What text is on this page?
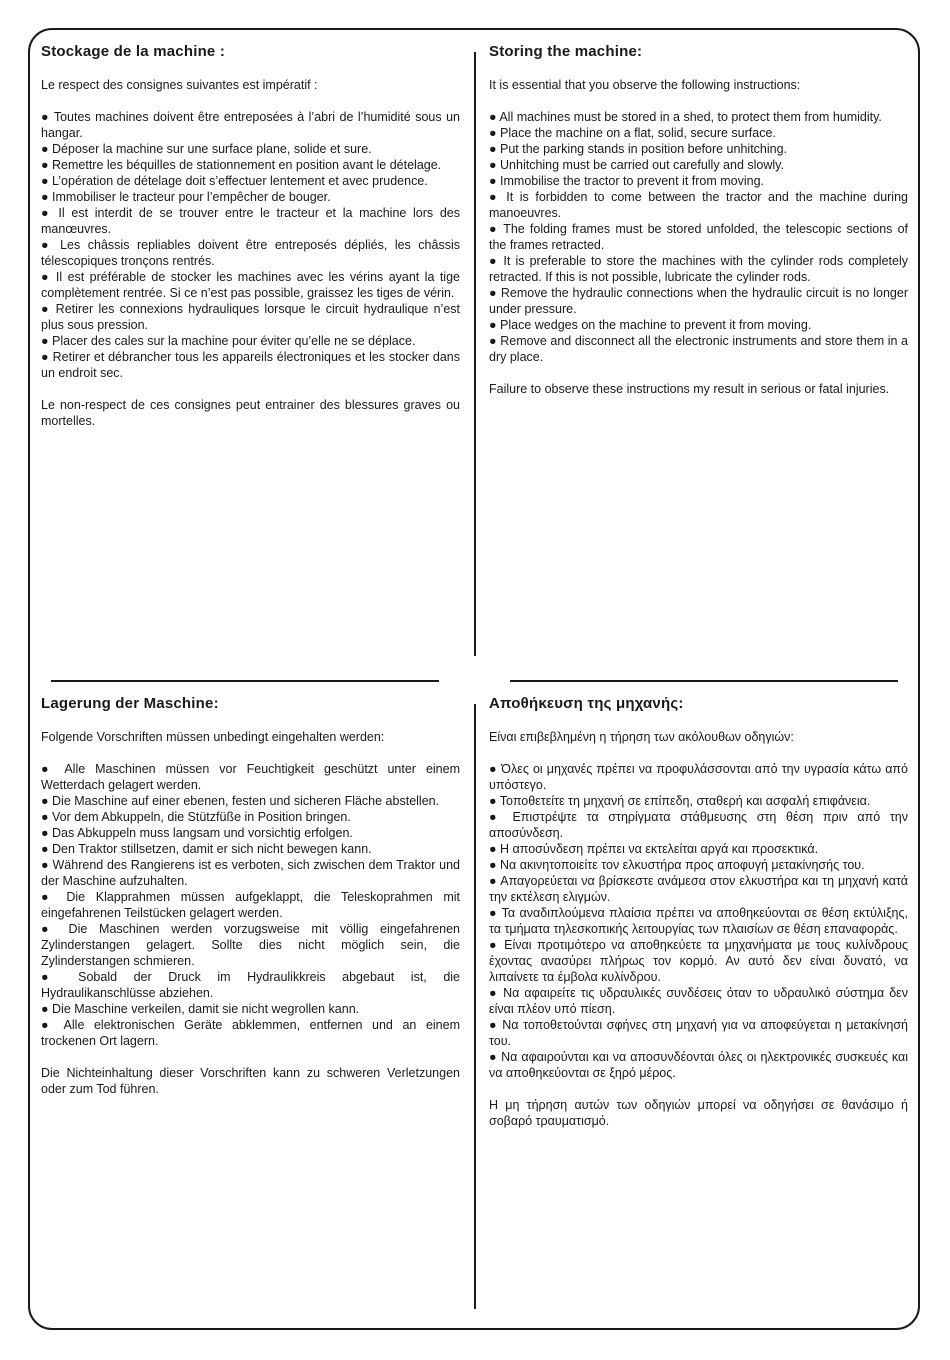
Stockage de la machine :

Le respect des consignes suivantes est impératif :

● Toutes machines doivent être entreposées à l’abri de l’humidité sous un hangar.
● Déposer la machine sur une surface plane, solide et sure.
● Remettre les béquilles de stationnement en position avant le dételage.
● L’opération de dételage doit s’effectuer lentement et avec prudence.
● Immobiliser le tracteur pour l’empêcher de bouger.
● Il est interdit de se trouver entre le tracteur et la machine lors des manœuvres.
● Les châssis repliables doivent être entreposés dépliés, les châssis télescopiques tronçons rentrés.
● Il est préférable de stocker les machines avec les vérins ayant la tige complètement rentrée. Si ce n’est pas possible, graissez les tiges de vérin.
● Retirer les connexions hydrauliques lorsque le circuit hydraulique n’est plus sous pression.
● Placer des cales sur la machine pour éviter qu’elle ne se déplace.
● Retirer et débrancher tous les appareils électroniques et les stocker dans un endroit sec.

Le non-respect de ces consignes peut entrainer des blessures graves ou mortelles.

Storing the machine:

It is essential that you observe the following instructions:

● All machines must be stored in a shed, to protect them from humidity.
● Place the machine on a flat, solid, secure surface.
● Put the parking stands in position before unhitching.
● Unhitching must be carried out carefully and slowly.
● Immobilise the tractor to prevent it from moving.
● It is forbidden to come between the tractor and the machine during manoeuvres.
● The folding frames must be stored unfolded, the telescopic sections of the frames retracted.
● It is preferable to store the machines with the cylinder rods completely retracted. If this is not possible, lubricate the cylinder rods.
● Remove the hydraulic connections when the hydraulic circuit is no longer under pressure.
● Place wedges on the machine to prevent it from moving.
● Remove and disconnect all the electronic instruments and store them in a dry place.

Failure to observe these instructions my result in serious or fatal injuries.

Lagerung der Maschine:

Folgende Vorschriften müssen unbedingt eingehalten werden:

● Alle Maschinen müssen vor Feuchtigkeit geschützt unter einem Wetterdach gelagert werden.
● Die Maschine auf einer ebenen, festen und sicheren Fläche abstellen.
● Vor dem Abkuppeln, die Stützfüße in Position bringen.
● Das Abkuppeln muss langsam und vorsichtig erfolgen.
● Den Traktor stillsetzen, damit er sich nicht bewegen kann.
● Während des Rangierens ist es verboten, sich zwischen dem Traktor und der Maschine aufzuhalten.
● Die Klapprahmen müssen aufgeklappt, die Teleskoprahmen mit eingefahrenen Teilstücken gelagert werden.
● Die Maschinen werden vorzugsweise mit völlig eingefahrenen Zylinderstangen gelagert. Sollte dies nicht möglich sein, die Zylinderstangen schmieren.
● Sobald der Druck im Hydraulikkreis abgebaut ist, die Hydraulikanschlüsse abziehen.
● Die Maschine verkeilen, damit sie nicht wegrollen kann.
● Alle elektronischen Geräte abklemmen, entfernen und an einem trockenen Ort lagern.

Die Nichteinhaltung dieser Vorschriften kann zu schweren Verletzungen oder zum Tod führen.

Αποθήκευση της μηχανής:

Είναι επιβεβλημένη η τήρηση των ακόλουθων οδηγιών:

● Όλες οι μηχανές πρέπει να προφυλάσσονται από την υγρασία κάτω από υπόστεγο.
● Τοποθετείτε τη μηχανή σε επίπεδη, σταθερή και ασφαλή επιφάνεια.
● Επιστρέψτε τα στηρίγματα στάθμευσης στη θέση πριν από την αποσύνδεση.
● Η αποσύνδεση πρέπει να εκτελείται αργά και προσεκτικά.
● Να ακινητοποιείτε τον ελκυστήρα προς αποφυγή μετακίνησής του.
● Απαγορεύεται να βρίσκεστε ανάμεσα στον ελκυστήρα και τη μηχανή κατά την εκτέλεση ελιγμών.
● Τα αναδιπλούμενα πλαίσια πρέπει να αποθηκεύονται σε θέση εκτύλιξης, τα τμήματα τηλεσκοπικής λειτουργίας των πλαισίων σε θέση επαναφοράς.
● Είναι προτιμότερο να αποθηκεύετε τα μηχανήματα με τους κυλίνδρους έχοντας ανασύρει πλήρως τον κορμό. Αν αυτό δεν είναι δυνατό, να λιπαίνετε τα έμβολα κυλίνδρου.
● Να αφαιρείτε τις υδραυλικές συνδέσεις όταν το υδραυλικό σύστημα δεν είναι πλέον υπό πίεση.
● Να τοποθετούνται σφήνες στη μηχανή για να αποφεύγεται η μετακίνησή του.
● Να αφαιρούνται και να αποσυνδέονται όλες οι ηλεκτρονικές συσκευές και να αποθηκεύονται σε ξηρό μέρος.

Η μη τήρηση αυτών των οδηγιών μπορεί να οδηγήσει σε θανάσιμο ή σοβαρό τραυματισμό.
